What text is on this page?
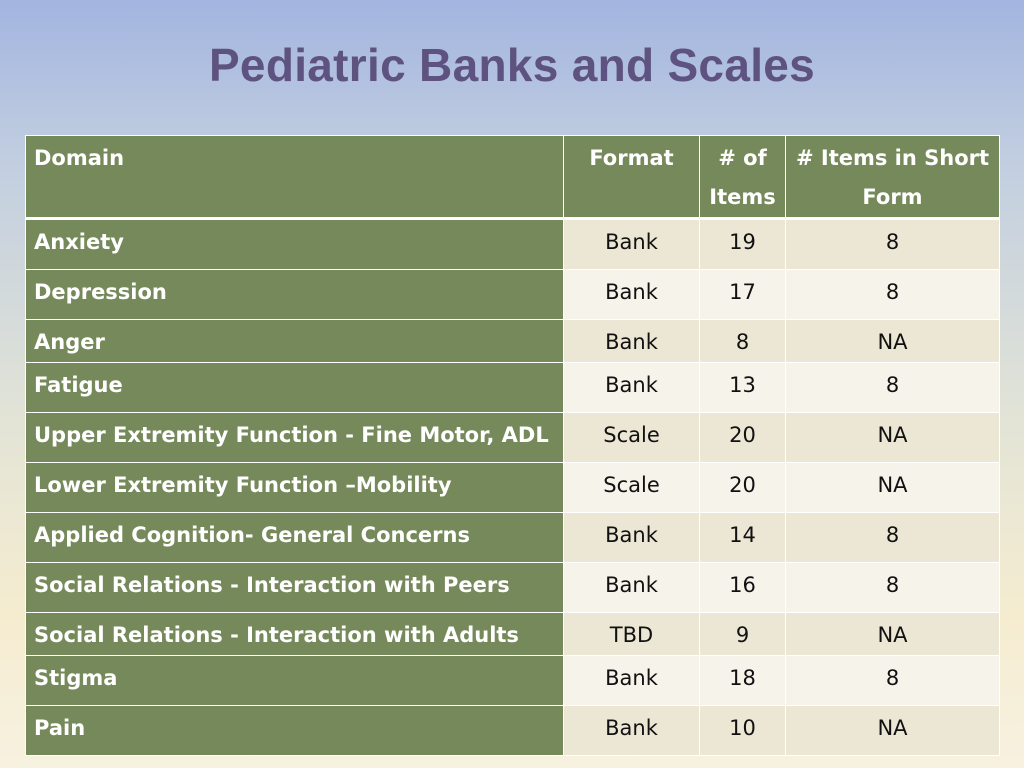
Pediatric Banks and Scales
Domain	Format	# of Items	# Items in Short Form
Anxiety	Bank	19	8
Depression	Bank	17	8
Anger	Bank	8	NA
Fatigue	Bank	13	8
Upper Extremity Function - Fine Motor, ADL	Scale	20	NA
Lower Extremity Function –Mobility	Scale	20	NA
Applied Cognition- General Concerns	Bank	14	8
Social Relations - Interaction with Peers	Bank	16	8
Social Relations - Interaction with Adults	TBD	9	NA
Stigma	Bank	18	8
Pain	Bank	10	NA
